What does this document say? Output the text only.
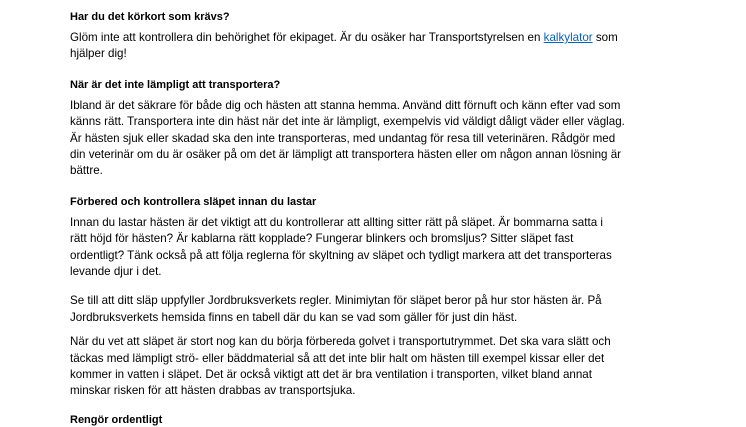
Har du det körkort som krävs?

Glöm inte att kontrollera din behörighet för ekipaget. Är du osäker har Transportstyrelsen en kalkylator som

hjälper dig!

När är det inte lämpligt att transportera?

Ibland är det säkrare för både dig och hästen att stanna hemma. Använd ditt förnuft och känn efter vad som

känns rätt. Transportera inte din häst när det inte är lämpligt, exempelvis vid väldigt dåligt väder eller väglag.

Är hästen sjuk eller skadad ska den inte transporteras, med undantag för resa till veterinären. Rådgör med

din veterinär om du är osäker på om det är lämpligt att transportera hästen eller om någon annan lösning är

bättre.

Förbered och kontrollera släpet innan du lastar

Innan du lastar hästen är det viktigt att du kontrollerar att allting sitter rätt på släpet. Är bommarna satta i

rätt höjd för hästen? Är kablarna rätt kopplade? Fungerar blinkers och bromsljus? Sitter släpet fast

ordentligt? Tänk också på att följa reglerna för skyltning av släpet och tydligt markera att det transporteras

levande djur i det.

Se till att ditt släp uppfyller Jordbruksverkets regler. Minimiytan för släpet beror på hur stor hästen är. På

Jordbruksverkets hemsida finns en tabell där du kan se vad som gäller för just din häst.

När du vet att släpet är stort nog kan du börja förbereda golvet i transportutrymmet. Det ska vara slätt och

täckas med lämpligt strö- eller bäddmaterial så att det inte blir halt om hästen till exempel kissar eller det

kommer in vatten i släpet. Det är också viktigt att det är bra ventilation i transporten, vilket bland annat

minskar risken för att hästen drabbas av transportsjuka.

Rengör ordentligt
